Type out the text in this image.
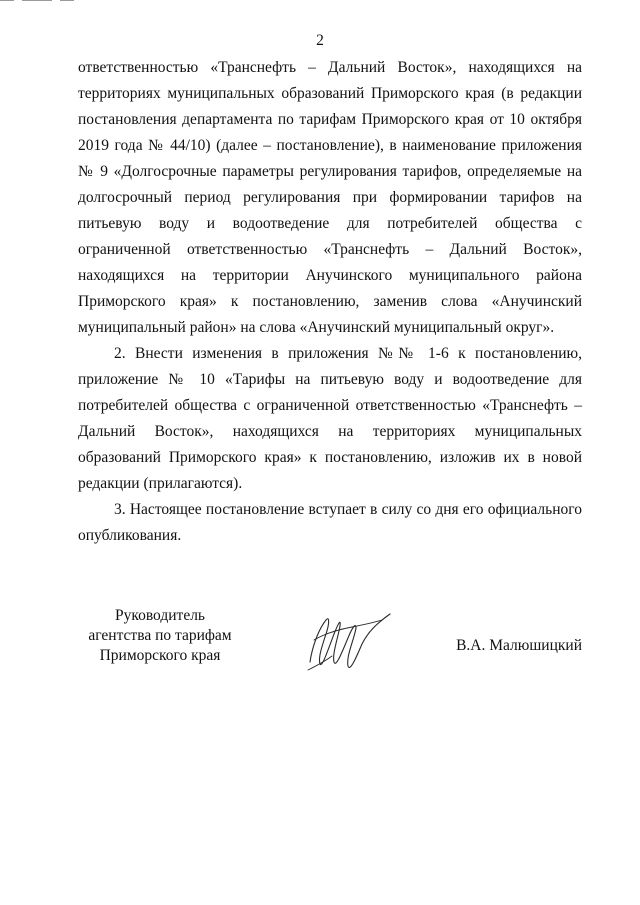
2

ответственностью «Транснефть – Дальний Восток», находящихся на территориях муниципальных образований Приморского края (в редакции постановления департамента по тарифам Приморского края от 10 октября 2019 года № 44/10) (далее – постановление), в наименование приложения № 9 «Долгосрочные параметры регулирования тарифов, определяемые на долгосрочный период регулирования при формировании тарифов на питьевую воду и водоотведение для потребителей общества с ограниченной ответственностью «Транснефть – Дальний Восток», находящихся на территории Анучинского муниципального района Приморского края» к постановлению, заменив слова «Анучинский муниципальный район» на слова «Анучинский муниципальный округ».

2. Внести изменения в приложения №№ 1-6 к постановлению, приложение № 10 «Тарифы на питьевую воду и водоотведение для потребителей общества с ограниченной ответственностью «Транснефть – Дальний Восток», находящихся на территориях муниципальных образований Приморского края» к постановлению, изложив их в новой редакции (прилагаются).

3. Настоящее постановление вступает в силу со дня его официального опубликования.

Руководитель
агентства по тарифам
Приморского края
В.А. Малюшицкий
